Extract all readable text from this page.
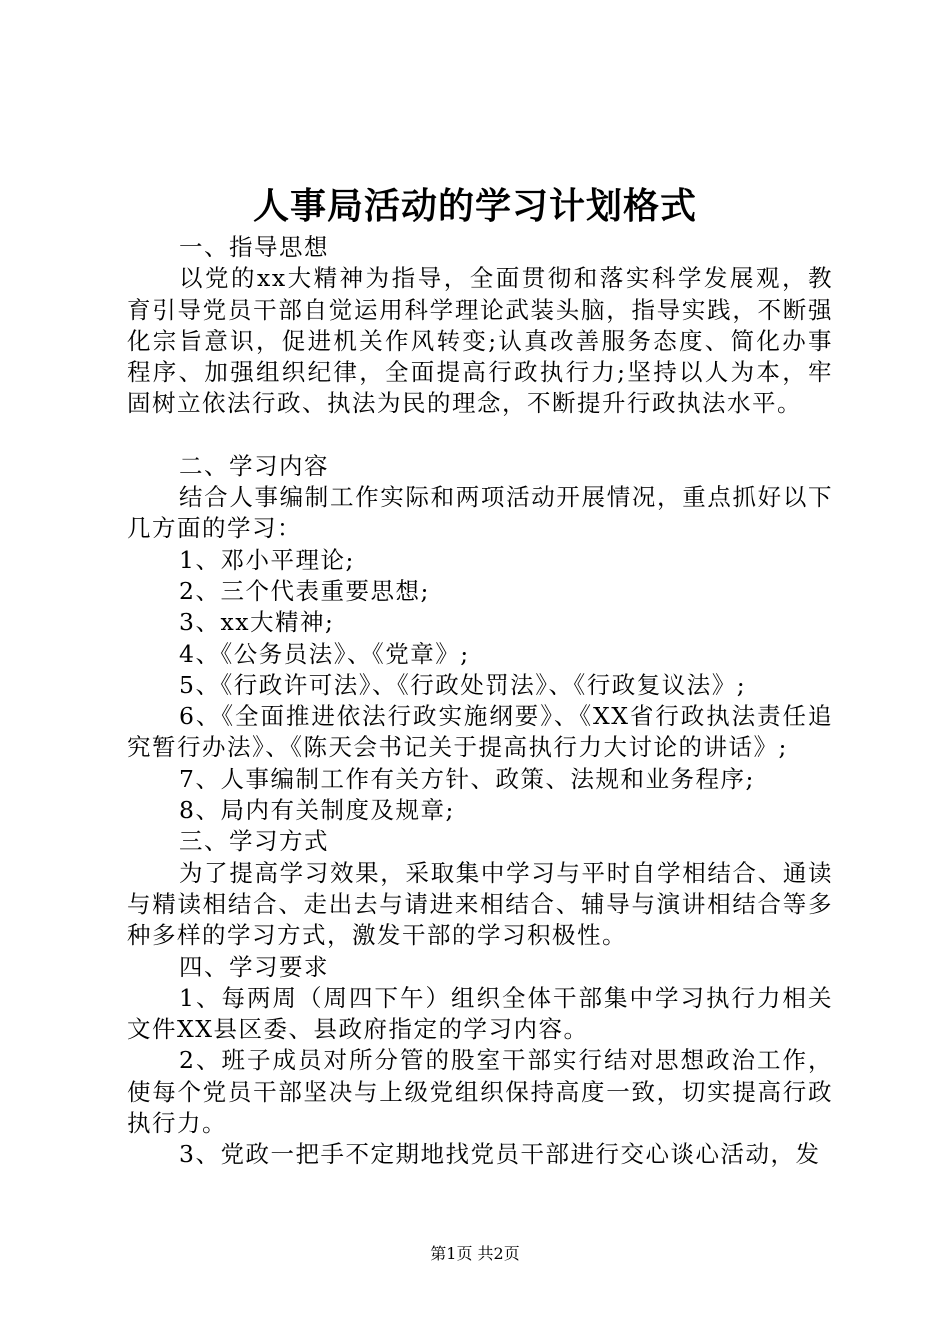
人事局活动的学习计划格式

一、指导思想

以党的xx大精神为指导，全面贯彻和落实科学发展观，教育引导党员干部自觉运用科学理论武装头脑，指导实践，不断强化宗旨意识，促进机关作风转变;认真改善服务态度、简化办事程序、加强组织纪律，全面提高行政执行力;坚持以人为本，牢固树立依法行政、执法为民的理念，不断提升行政执法水平。

二、学习内容

结合人事编制工作实际和两项活动开展情况，重点抓好以下几方面的学习：

1、邓小平理论;

2、三个代表重要思想;

3、xx大精神;

4、《公务员法》、《党章》;

5、《行政许可法》、《行政处罚法》、《行政复议法》;

6、《全面推进依法行政实施纲要》、《XX省行政执法责任追究暂行办法》、《陈天会书记关于提高执行力大讨论的讲话》;

7、人事编制工作有关方针、政策、法规和业务程序;

8、局内有关制度及规章;

三、学习方式

为了提高学习效果，采取集中学习与平时自学相结合、通读与精读相结合、走出去与请进来相结合、辅导与演讲相结合等多种多样的学习方式，激发干部的学习积极性。

四、学习要求

1、每两周（周四下午）组织全体干部集中学习执行力相关文件XX县区委、县政府指定的学习内容。

2、班子成员对所分管的股室干部实行结对思想政治工作，使每个党员干部坚决与上级党组织保持高度一致，切实提高行政执行力。

3、党政一把手不定期地找党员干部进行交心谈心活动，发

第1页 共2页
